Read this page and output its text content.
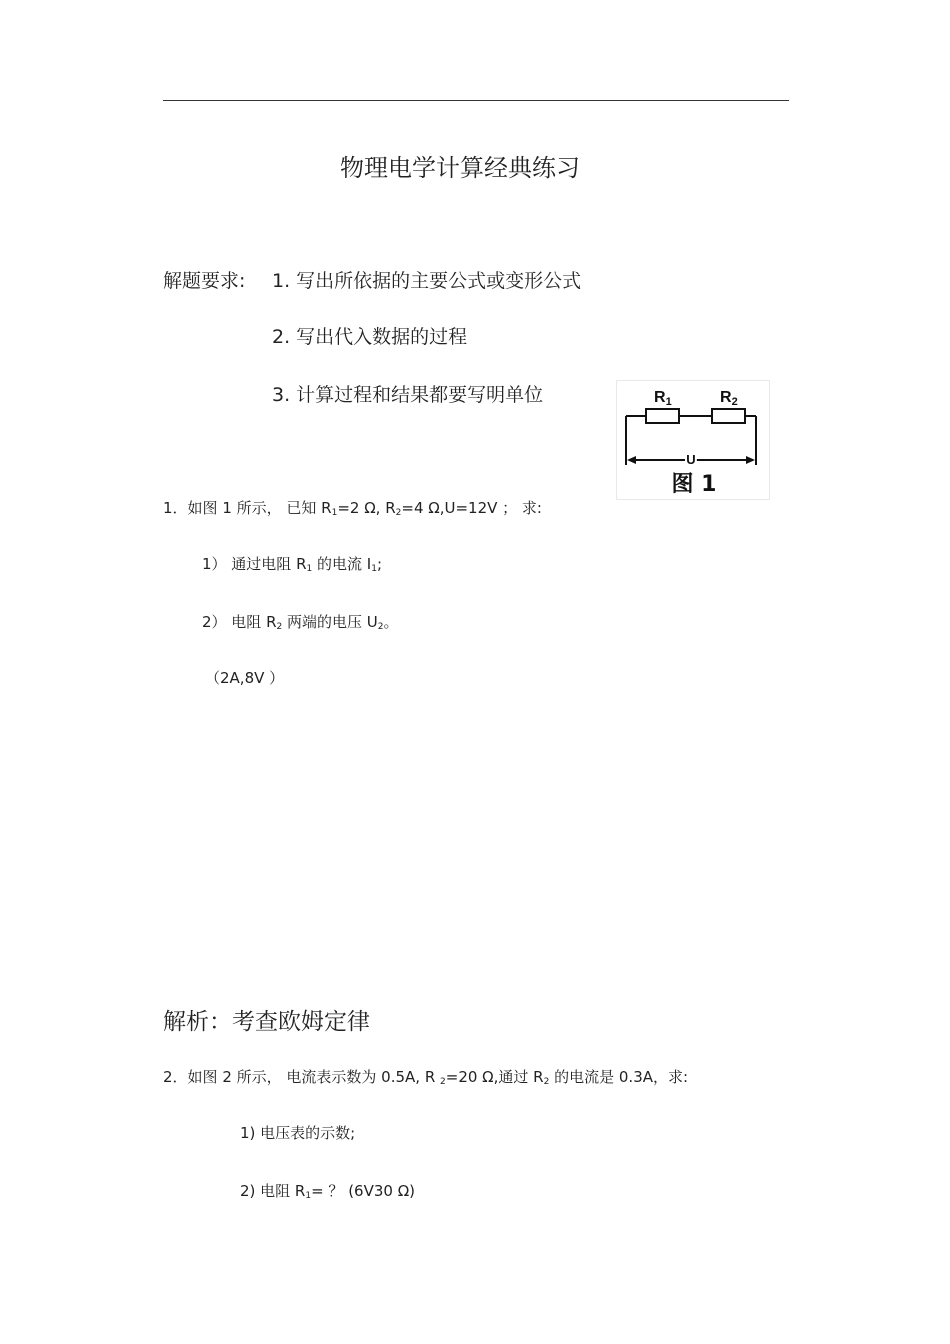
物理电学计算经典练习
解题要求: 1. 写出所依据的主要公式或变形公式
2. 写出代入数据的过程
3. 计算过程和结果都要写明单位	R1	R2
U
图 1
1．如图 1 所示， 已知 $R_1=2$ Ω, $R_2=4$ Ω,U=12V ； 求:
1） 通过电阻 $R_1$ 的电流 $I_1$;
2） 电阻 $R_2$ 两端的电压 $U_2$。
（2A,8V ）
解析：考查欧姆定律
2．如图 2 所示， 电流表示数为 0.5A, R $_2$=20 Ω,通过 $R_2$ 的电流是 0.3A，求:
1) 电压表的示数;
2) 电阻 $R_1=$ ？ (6V30 Ω)
